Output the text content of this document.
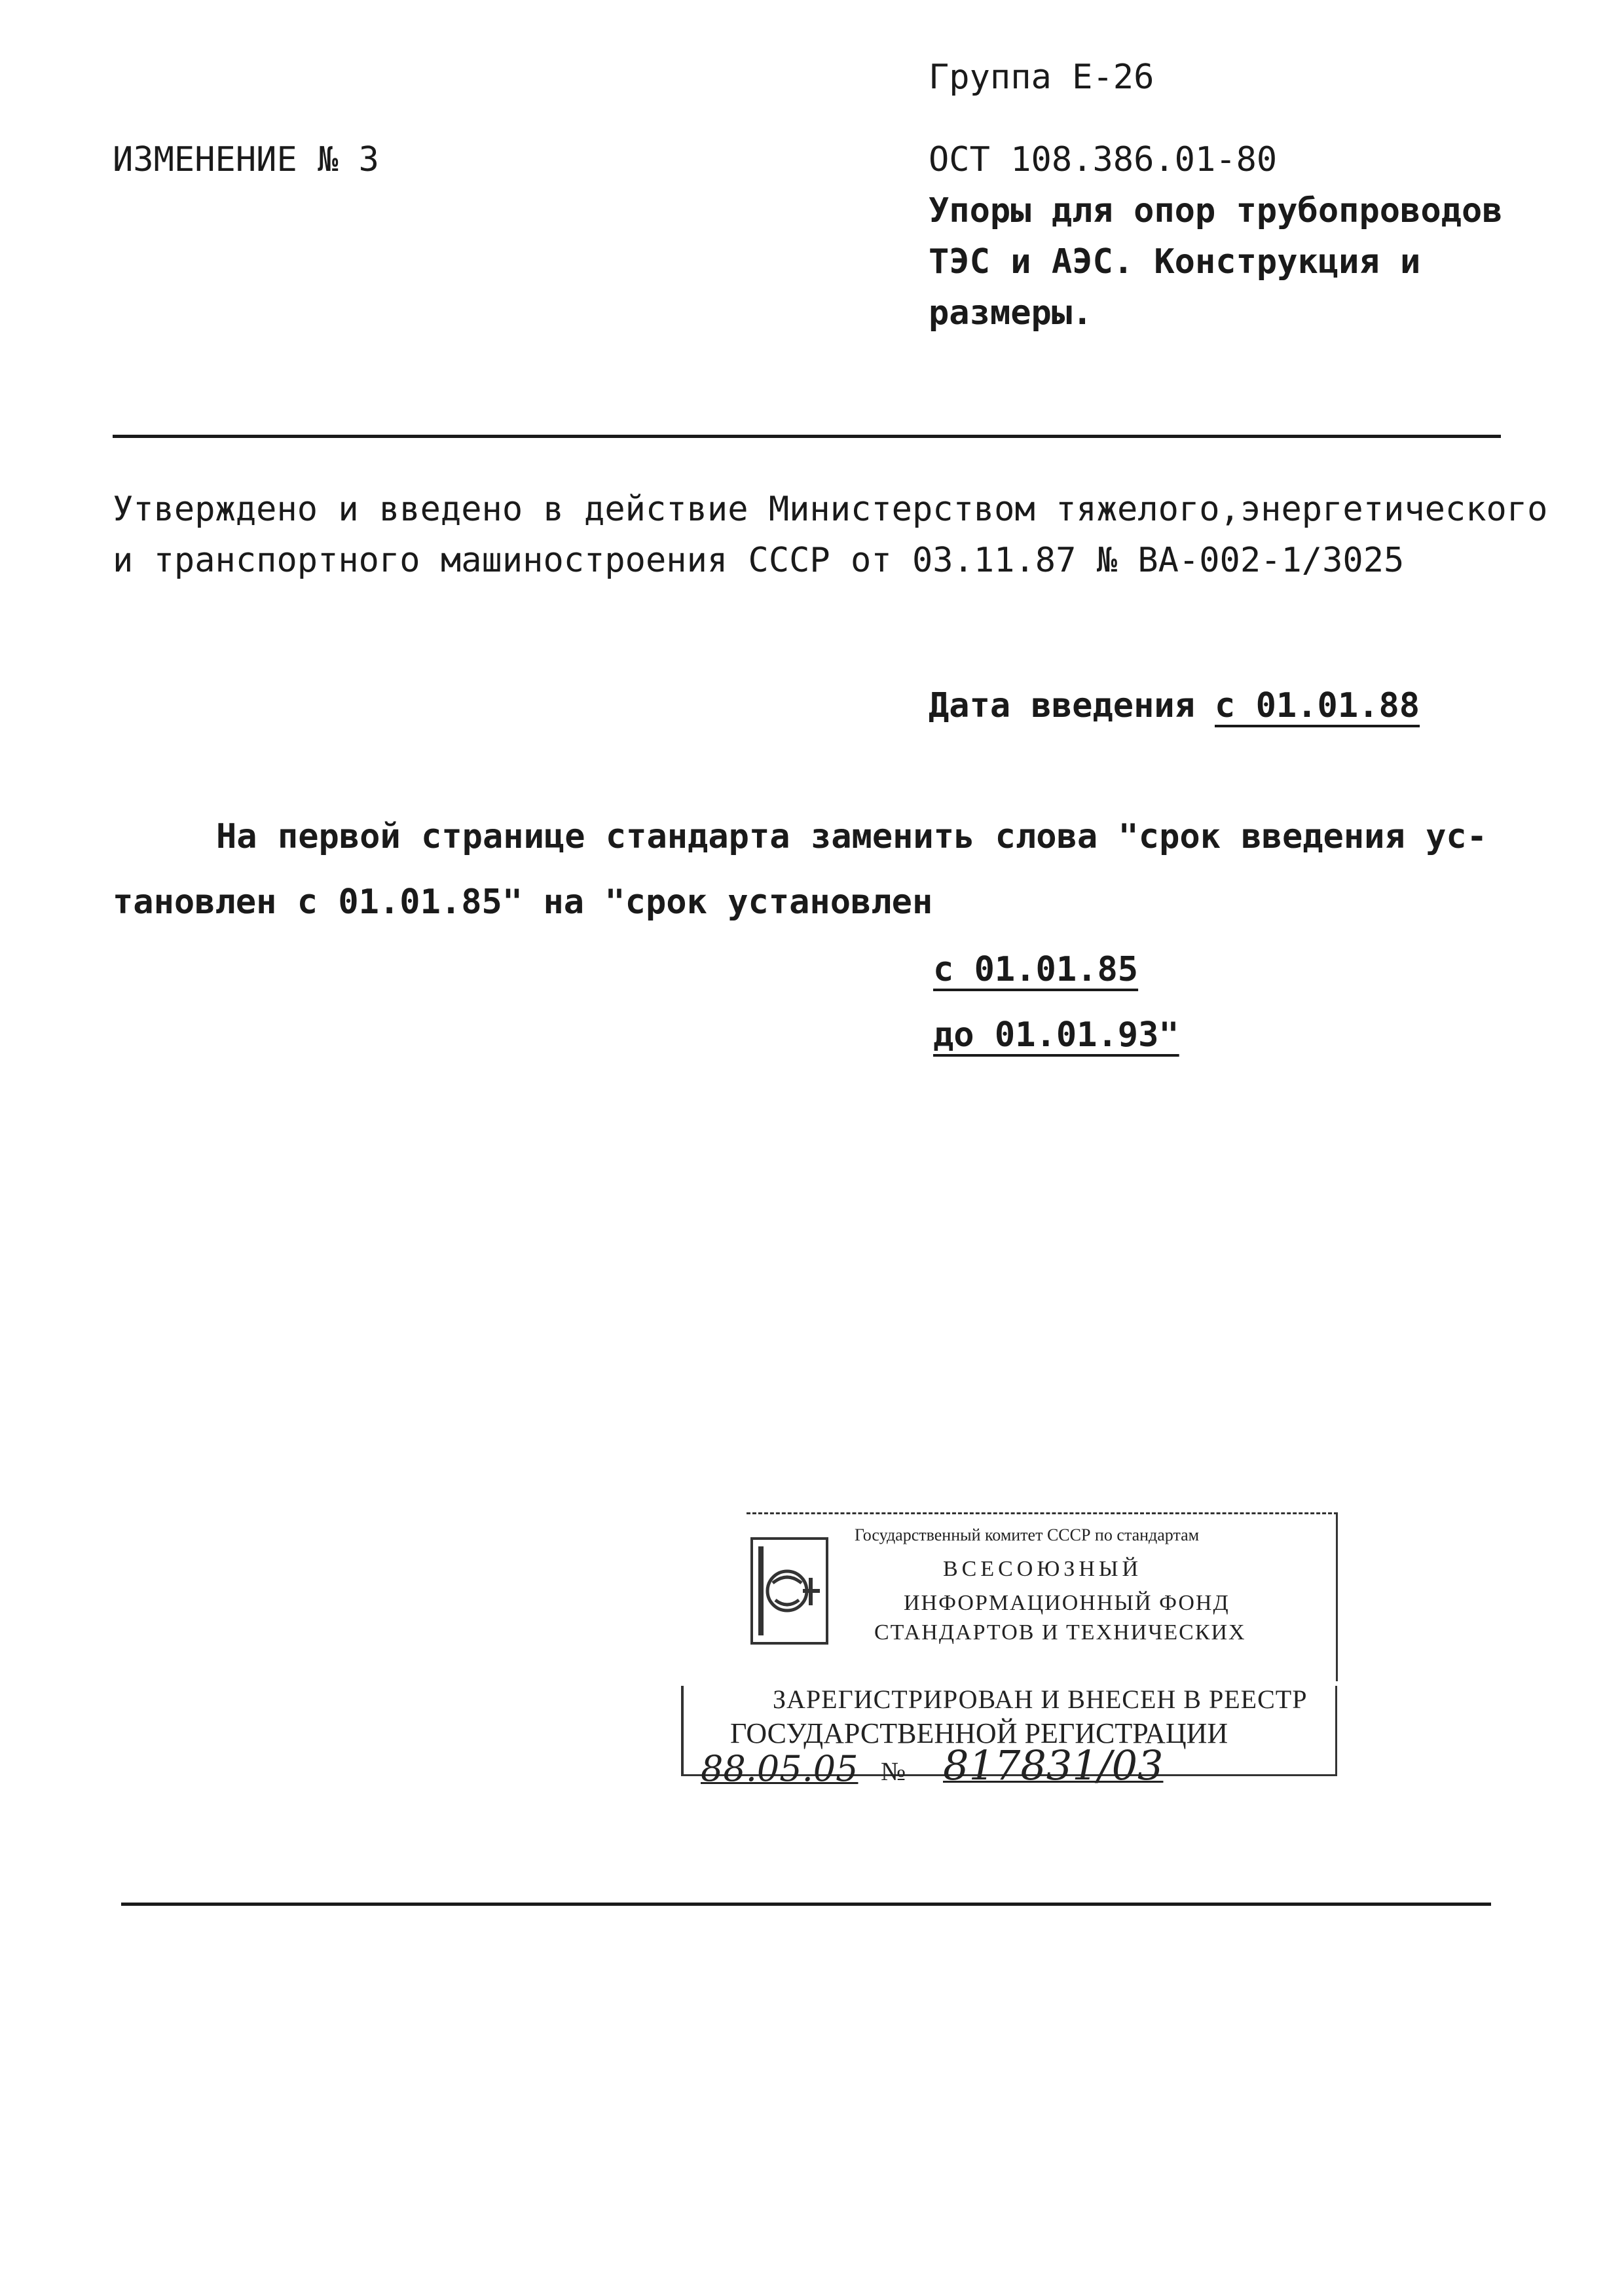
Группа Е-26
ИЗМЕНЕНИЕ № 3	ОСТ 108.386.01-80
Упоры для опор трубопроводов
ТЭС и АЭС. Конструкция и
размеры.
Утверждено и введено в действие Министерством тяжелого,энергетического
и транспортного машиностроения СССР от 03.11.87 № ВА-002-1/3025
Дата введения с 01.01.88
На первой странице стандарта заменить слова "срок введения ус-
тановлен с 01.01.85" на "срок установлен
с 01.01.85
до 01.01.93"
Государственный комитет СССР по стандартам
ВСЕСОЮЗНЫЙ
ИНФОРМАЦИОННЫЙ ФОНД
СТАНДАРТОВ И ТЕХНИЧЕСКИХ
ЗАРЕГИСТРИРОВАН И ВНЕСЕН В РЕЕСТР
ГОСУДАРСТВЕННОЙ РЕГИСТРАЦИИ
88.05.05 № 817831/03
